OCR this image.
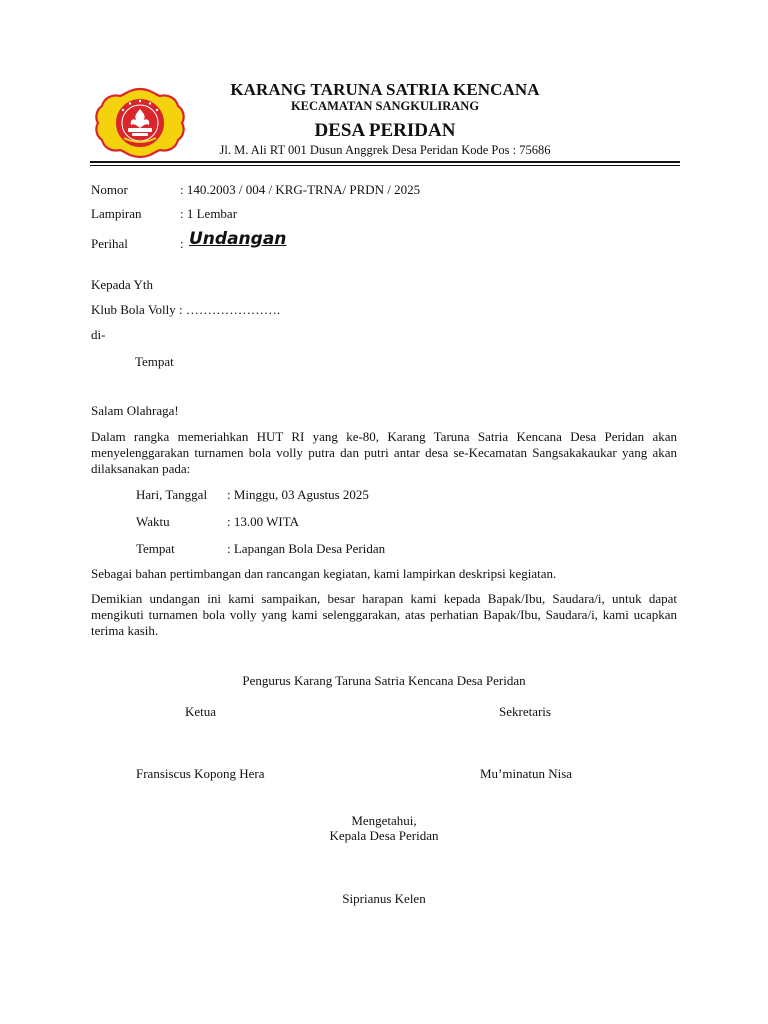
KARANG TARUNA SATRIA KENCANA
KECAMATAN SANGKULIRANG
DESA PERIDAN
Jl. M. Ali RT 001 Dusun Anggrek Desa Peridan Kode Pos : 75686
Nomor	: 140.2003 / 004 / KRG-TRNA/ PRDN / 2025
Lampiran	: 1 Lembar
Perihal	: Undangan
Kepada Yth
Klub Bola Volly : ………………….
di-
Tempat
Salam Olahraga!
Dalam rangka memeriahkan HUT RI yang ke-80, Karang Taruna Satria Kencana Desa Peridan akan menyelenggarakan turnamen bola volly putra dan putri antar desa se-Kecamatan Sangsakakaukar yang akan dilaksanakan pada:
Hari, Tanggal : Minggu, 03 Agustus 2025
Waktu	: 13.00 WITA
Tempat	: Lapangan Bola Desa Peridan
Sebagai bahan pertimbangan dan rancangan kegiatan, kami lampirkan deskripsi kegiatan.
Demikian undangan ini kami sampaikan, besar harapan kami kepada Bapak/Ibu, Saudara/i, untuk dapat mengikuti turnamen bola volly yang kami selenggarakan, atas perhatian Bapak/Ibu, Saudara/i, kami ucapkan terima kasih.
Pengurus Karang Taruna Satria Kencana Desa Peridan
Ketua	Sekretaris
Fransiscus Kopong Hera	Mu’minatun Nisa
Mengetahui,
Kepala Desa Peridan
Siprianus Kelen
